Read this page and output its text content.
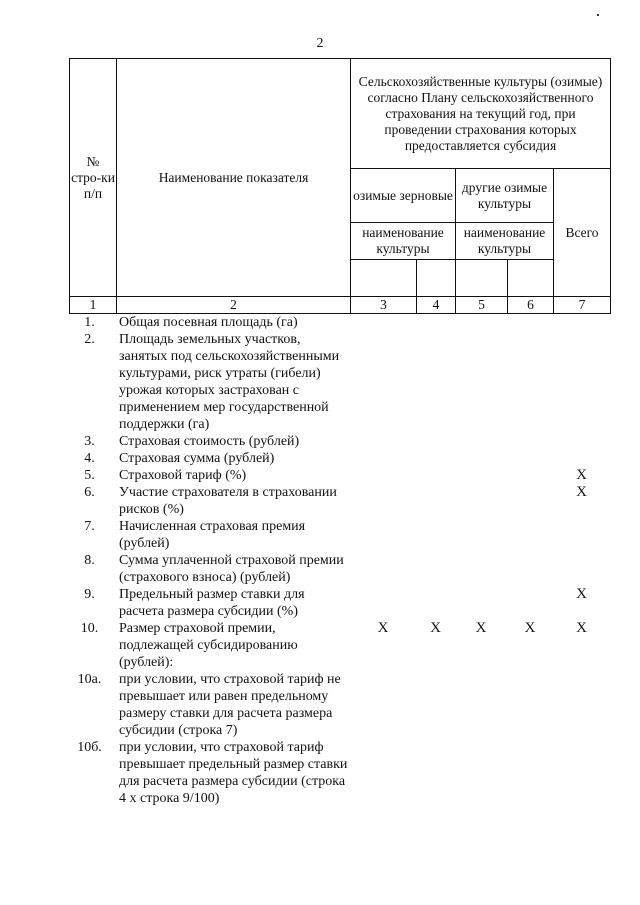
2
№ стро-ки п/п	Наименование показателя	Сельскохозяйственные культуры (озимые) согласно Плану сельскохозяйственного страхования на текущий год, при проведении страхования которых предоставляется субсидия				
		озимые зерновые		другие озимые культуры		Всего
		наименование культуры		наименование культуры		

1	2	3	4	5	6	7
1.	Общая посевная площадь (га)					
2.	Площадь земельных участков, занятых под сельскохозяйственными культурами, риск утраты (гибели) урожая которых застрахован с применением мер государственной поддержки (га)					
3.	Страховая стоимость (рублей)					
4.	Страховая сумма (рублей)					
5.	Страховой тариф (%)					X
6.	Участие страхователя в страховании рисков (%)					X
7.	Начисленная страховая премия (рублей)					
8.	Сумма уплаченной страховой премии (страхового взноса) (рублей)					
9.	Предельный размер ставки для расчета размера субсидии (%)					X
10.	Размер страховой премии, подлежащей субсидированию (рублей):	X	X	X	X	X
10а.	при условии, что страховой тариф не превышает или равен предельному размеру ставки для расчета размера субсидии (строка 7)					
10б.	при условии, что страховой тариф превышает предельный размер ставки для расчета размера субсидии (строка 4 х строка 9/100)					
